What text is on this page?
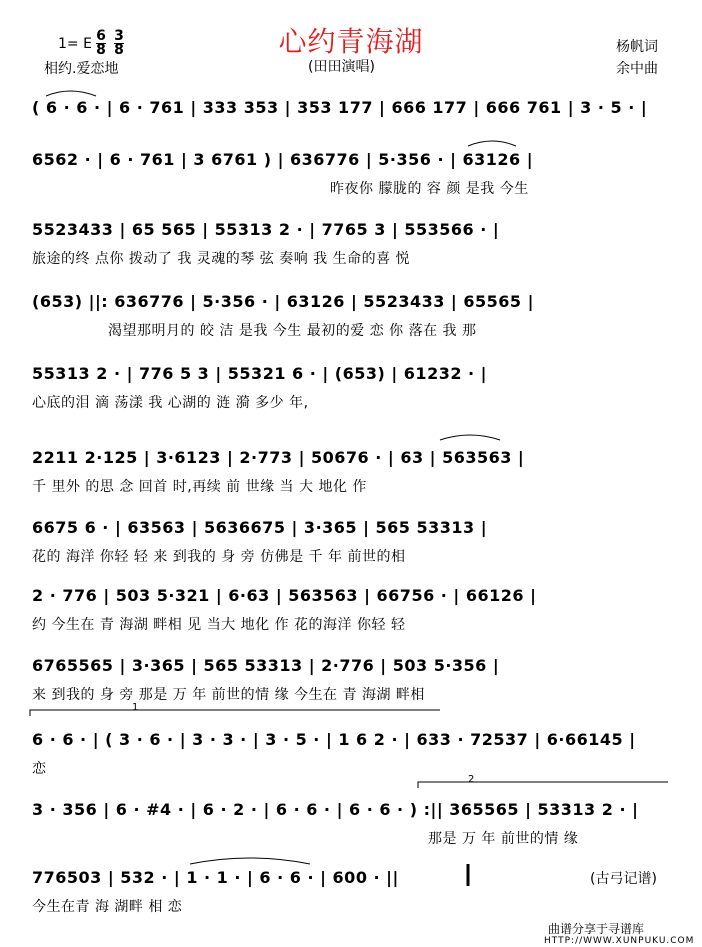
心约青海湖
1= E $\frac{6}{8} \frac{3}{8}$
相约.爱恋地	(田田演唱)
杨帆词
余中曲
( 6 · 6 · | 6 · 761 | 333 353 | 353 177 | 666 177 | 666 761 | 3 · 5 · |
6562 · | 6 · 761 | 3 6761 ) | 636776 | 5·356 · | 63126 |
昨夜你 朦胧的 容 颜 是我 今生
5523433 | 65 565 | 55313 2 · | 7765 3 | 553566 · |
旅途的终 点你 拨动了 我 灵魂的琴 弦 奏响 我 生命的喜 悦
(653) ||: 636776 | 5·356 · | 63126 | 5523433 | 65565 |
渴望那明月的 皎 洁 是我 今生 最初的爱 恋 你 落在 我 那
55313 2 · | 776 5 3 | 55321 6 · | (653) | 61232 · |
心底的泪 滴 荡漾 我 心湖的 涟 漪 多少 年,
2211 2·125 | 3·6123 | 2·773 | 50676 · | 63 | 563563 |
千 里外 的思 念 回首 时,再续 前 世缘 当 大 地化 作
6675 6 · | 63563 | 5636675 | 3·365 | 565 53313 |
花的 海洋 你轻 轻 来 到我的 身 旁 仿佛是 千 年 前世的相
2 · 776 | 503 5·321 | 6·63 | 563563 | 66756 · | 66126 |
约 今生在 青 海湖 畔相 见 当大 地化 作 花的海洋 你轻 轻
6765565 | 3·365 | 565 53313 | 2·776 | 503 5·356 |
来 到我的 身 旁 那是 万 年 前世的情 缘 今生在 青 海湖 畔相
6 · 6 · | ( 3 · 6 · | 3 · 3 · | 3 · 5 · | 1 6 2 · | 633 · 72537 | 6·66145 |
恋
3 · 356 | 6 · #4 · | 6 · 2 · | 6 · 6 · | 6 · 6 · ) :|| 365565 | 53313 2 · |
那是 万 年 前世的情 缘
776503 | 532 · | 1 · 1 · | 6 · 6 · | 600 · ||
今生在青 海 湖畔 相 恋
1
2
(古弓记谱)
曲谱分享于寻谱库
HTTP://WWW.XUNPUKU.COM
